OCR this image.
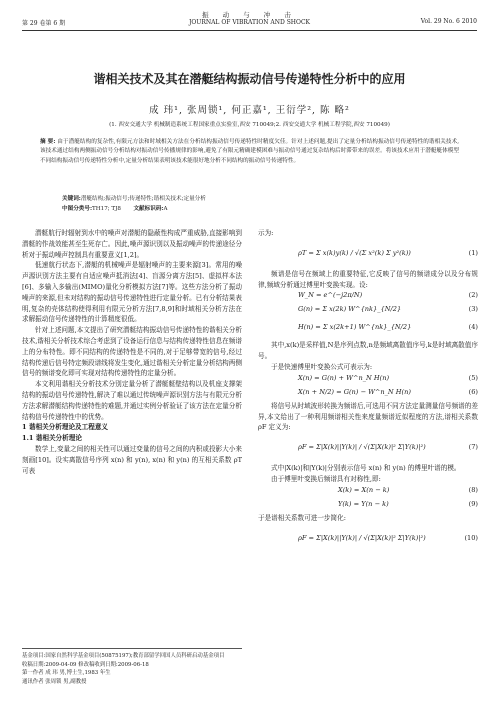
第 29 卷第 6 期
振 动 与 冲 击
JOURNAL OF VIBRATION AND SHOCK	Vol. 29 No. 6 2010
谐相关技术及其在潜艇结构振动信号传递特性分析中的应用
成 玮¹, 张周锁¹, 何正嘉¹, 王衍学², 陈 略²
(1. 西安交通大学 机械制造系统工程国家重点实验室,西安 710049;2. 西安交通大学 机械工程学院,西安 710049)
摘 要: 由于潜艇结构的复杂性,有限元方法和时域相关方法在分析结构振动信号传递特性时精度欠佳。针对上述问题,提出了定量分析结构振动信号传递特性的谐相关技术,该技术通过结构两侧振动信号分析结构对振动信号传播规律的影响,避免了有限元精确建模困难与振动信号通过复杂结构后时滞带来的误差。将该技术应用于潜艇艇体模型不同结构振动信号传递特性分析中,定量分析结果表明该技术能很好地分析不同结构的振动信号传递特性。
关键词:潜艇结构;振动信号;传递特性;谐相关技术;定量分析
中图分类号:TH17; TJ8 文献标识码:A

潜艇航行时辐射到水中的噪声对潜艇的隐蔽性构成严重威胁,直接影响到潜艇的作战效能甚至生死存亡。因此,噪声源识别以及振动噪声的传递途径分析对于振动噪声控制具有重要意义[1,2]。

低速航行状态下,潜艇的机械噪声是辐射噪声的主要来源[3]。常用的噪声源识别方法主要有自适应噪声抵消法[4]、盲源分离方法[5]、虚拟样本法[6]、多输入多输出(MIMO)量化分析模拟方法[7]等。这些方法分析了振动噪声的来源,但未对结构的振动信号传递特性进行定量分析。已有分析结果表明,复杂的壳体结构使得利用有限元分析方法[7,8,9]和时域相关分析方法在求解振动信号传递特性的计算精度很低。

针对上述问题,本文提出了研究潜艇结构振动信号传递特性的谐相关分析技术,谐相关分析技术综合考虑到了设备运行信息与结构传递特性信息在频谱上的分布特性。即不同结构的传递特性是不同的,对于足够带宽的信号,经过结构传递后信号特定频段谱线将发生变化,通过谐相关分析定量分析结构两侧信号的频谱变化即可实现对结构传递特性的定量分析。

本文利用谐相关分析技术分别定量分析了潜艇艇壁结构以及机座支撑架结构的振动信号传递特性,解决了难以通过传统噪声源识别方法与有限元分析方法求解潜艇结构传递特性的难题,并通过实例分析验证了该方法在定量分析结构信号传递特性中的优势。

1 谐相关分析理论及工程意义

1.1 谐相关分析理论

数学上,变量之间的相关性可以通过变量的信号之间的内积或投影大小来刻画[10]。设实离散信号序列 x(n) 和 y(n), x(n) 和 y(n) 的互相关系数 ρT 可表

示为:

ρT = Σ x(k)y(k) / √(Σ x²(k) Σ y²(k))	(1)

频谱是信号在频域上的重要特征,它反映了信号的频谱成分以及分布规律,频域分析通过傅里叶变换实现。设:

W_N = e^(−j2π/N)	(2)
G(n) = Σ x(2k) W^{nk}_{N/2}	(3)
H(n) = Σ x(2k+1) W^{nk}_{N/2}	(4)

其中,x(k)是采样值,N是序列点数,n是频域离散值序号,k是时域离散值序号。

于是快速傅里叶变换公式可表示为:

X(n) = G(n) + W^n_N H(n)	(5)
X(n + N/2) = G(n) − W^n_N H(n)	(6)

将信号从时域波形转换为频谱后,可选用不同方法定量测量信号频谱的差异,本文给出了一种利用频谱相关性来度量频谱近似程度的方法,谱相关系数 ρF 定义为:

ρF = Σ|X(k)||Y(k)| / √(Σ|X(k)|² Σ|Y(k)|²)	(7)

式中|X(k)|和|Y(k)|分别表示信号 x(n) 和 y(n) 的傅里叶谱的模。

由于傅里叶变换后频谱具有对称性,即:

X(k) = X(n − k)	(8)
Y(k) = Y(n − k)	(9)

于是谱相关系数可进一步简化:

ρF = Σ|X(k)||Y(k)| / √(Σ|X(k)|² Σ|Y(k)|²)	(10)
基金项目:国家自然科学基金项目(50875197);教育部留学回国人员科研启动基金项目
收稿日期:2009-04-09 修改稿收到日期:2009-06-18
第一作者 成 玮 男,博士生,1983 年生
通讯作者 张周锁 男,副教授
